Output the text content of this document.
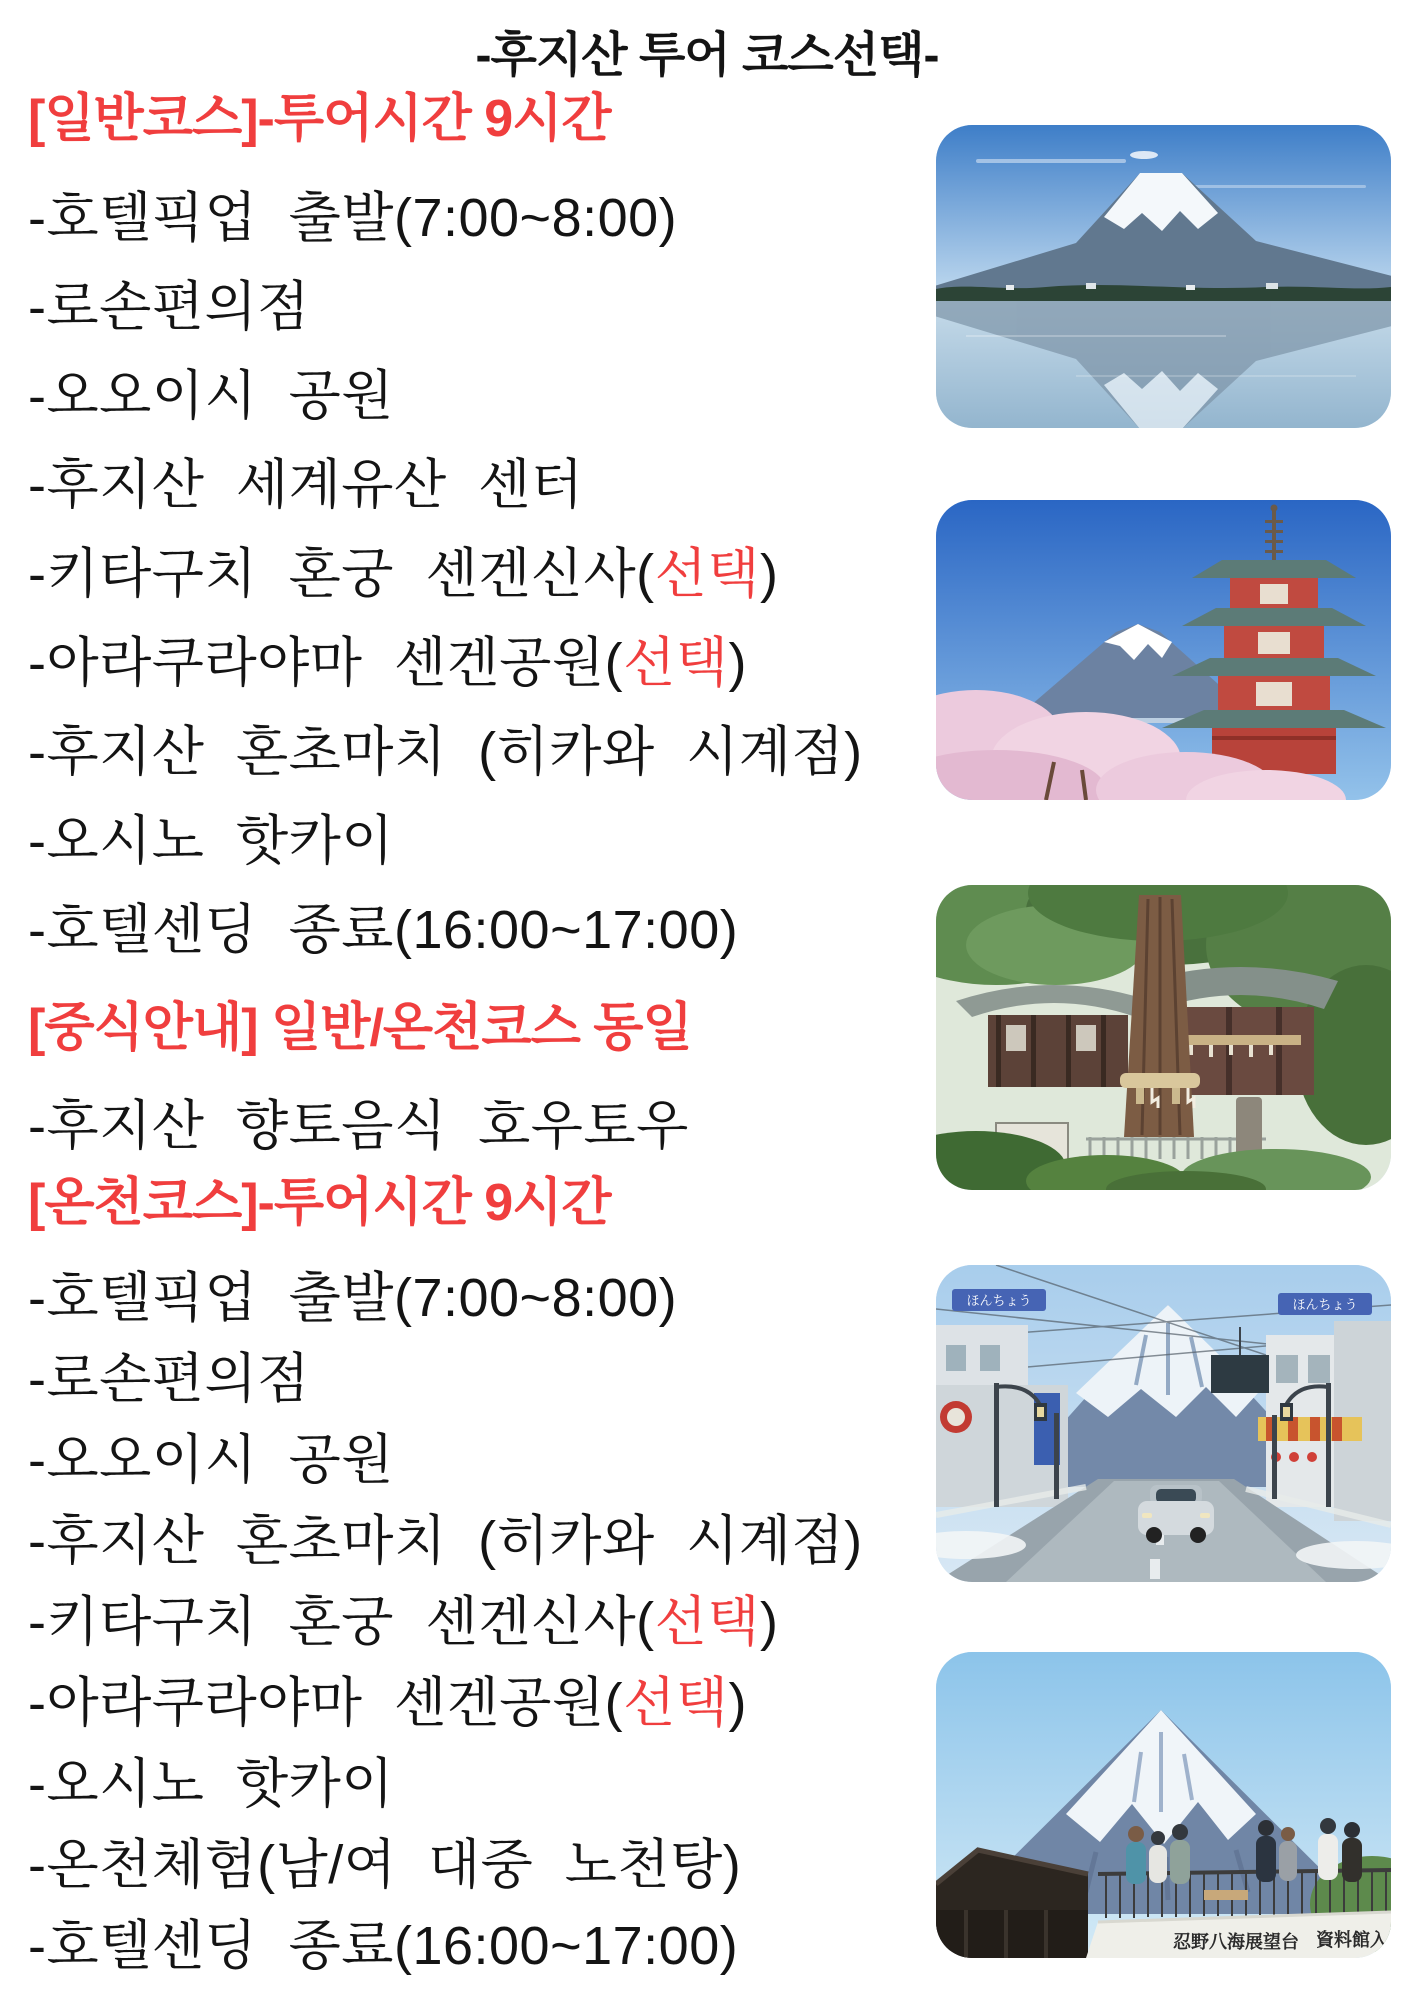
-후지산 투어 코스선택-
[일반코스]-투어시간 9시간
-호텔픽업 출발(7:00~8:00)
-로손편의점
-오오이시 공원
-후지산 세계유산 센터
-키타구치 혼궁 센겐신사(선택)
-아라쿠라야마 센겐공원(선택)
-후지산 혼초마치 (히카와 시계점)
-오시노 핫카이
-호텔센딩 종료(16:00~17:00)
[중식안내] 일반/온천코스 동일
-후지산 향토음식 호우토우
[온천코스]-투어시간 9시간
-호텔픽업 출발(7:00~8:00)
-로손편의점
-오오이시 공원
-후지산 혼초마치 (히카와 시계점)
-키타구치 혼궁 센겐신사(선택)
-아라쿠라야마 센겐공원(선택)
-오시노 핫카이
-온천체험(남/여 대중 노천탕)
-호텔센딩 종료(16:00~17:00)
ほんちょう	ほんちょう
忍野八海展望台 資料館入
